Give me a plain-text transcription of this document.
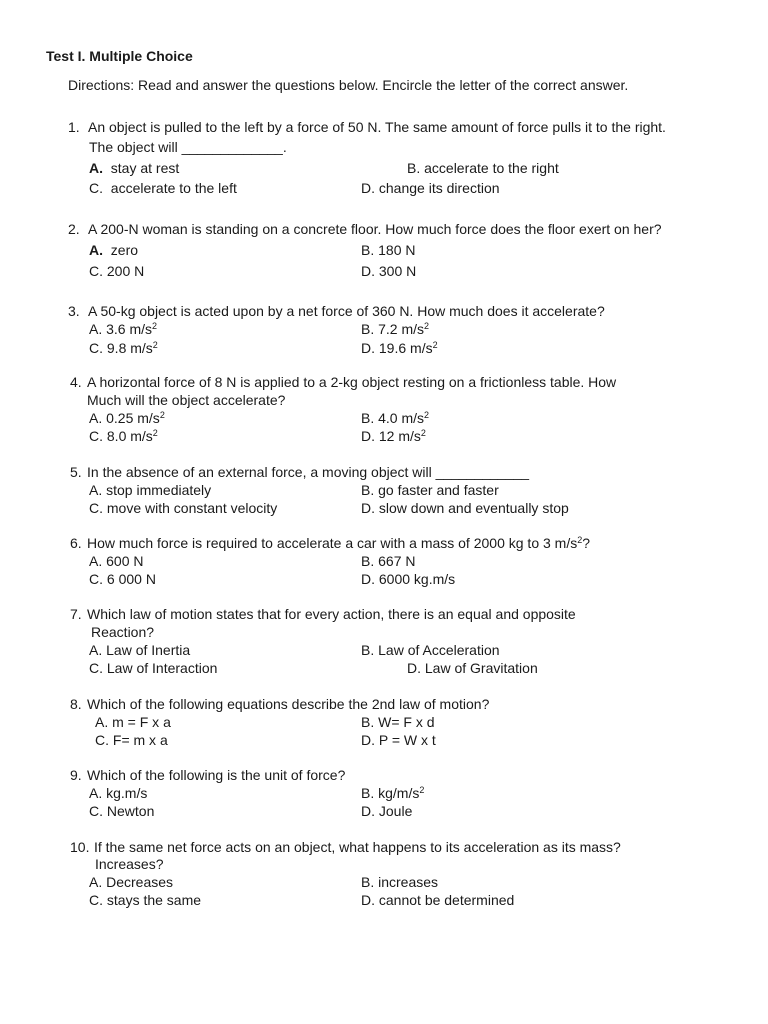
Test I. Multiple Choice
Directions: Read and answer the questions below. Encircle the letter of the correct answer.
1. An object is pulled to the left by a force of 50 N. The same amount of force pulls it to the right.
The object will _____________.
A. stay at rest	B. accelerate to the right
C. accelerate to the left	D. change its direction
2. A 200-N woman is standing on a concrete floor. How much force does the floor exert on her?
A. zero	B. 180 N
C. 200 N	D. 300 N
3. A 50-kg object is acted upon by a net force of 360 N. How much does it accelerate?
A. 3.6 $m/s^2$	B. 7.2 $m/s^2$
C. 9.8 $m/s^2$	D. 19.6 $m/s^2$
4. A horizontal force of 8 N is applied to a 2-kg object resting on a frictionless table. How
Much will the object accelerate?
A. 0.25 $m/s^2$	B. 4.0 $m/s^2$
C. 8.0 $m/s^2$	D. 12 $m/s^2$
5. In the absence of an external force, a moving object will ____________
A. stop immediately	B. go faster and faster
C. move with constant velocity	D. slow down and eventually stop
6. How much force is required to accelerate a car with a mass of 2000 kg to 3 $m/s^2$?
A. 600 N	B. 667 N
C. 6 000 N	D. 6000 kg.m/s
7. Which law of motion states that for every action, there is an equal and opposite
Reaction?
A. Law of Inertia	B. Law of Acceleration
C. Law of Interaction	D. Law of Gravitation
8. Which of the following equations describe the 2nd law of motion?
A. m = F x a	B. W= F x d
C. F= m x a	D. P = W x t
9. Which of the following is the unit of force?
A. kg.m/s	B. $kg/m/s^2$
C. Newton	D. Joule
10. If the same net force acts on an object, what happens to its acceleration as its mass?
Increases?
A. Decreases	B. increases
C. stays the same	D. cannot be determined
